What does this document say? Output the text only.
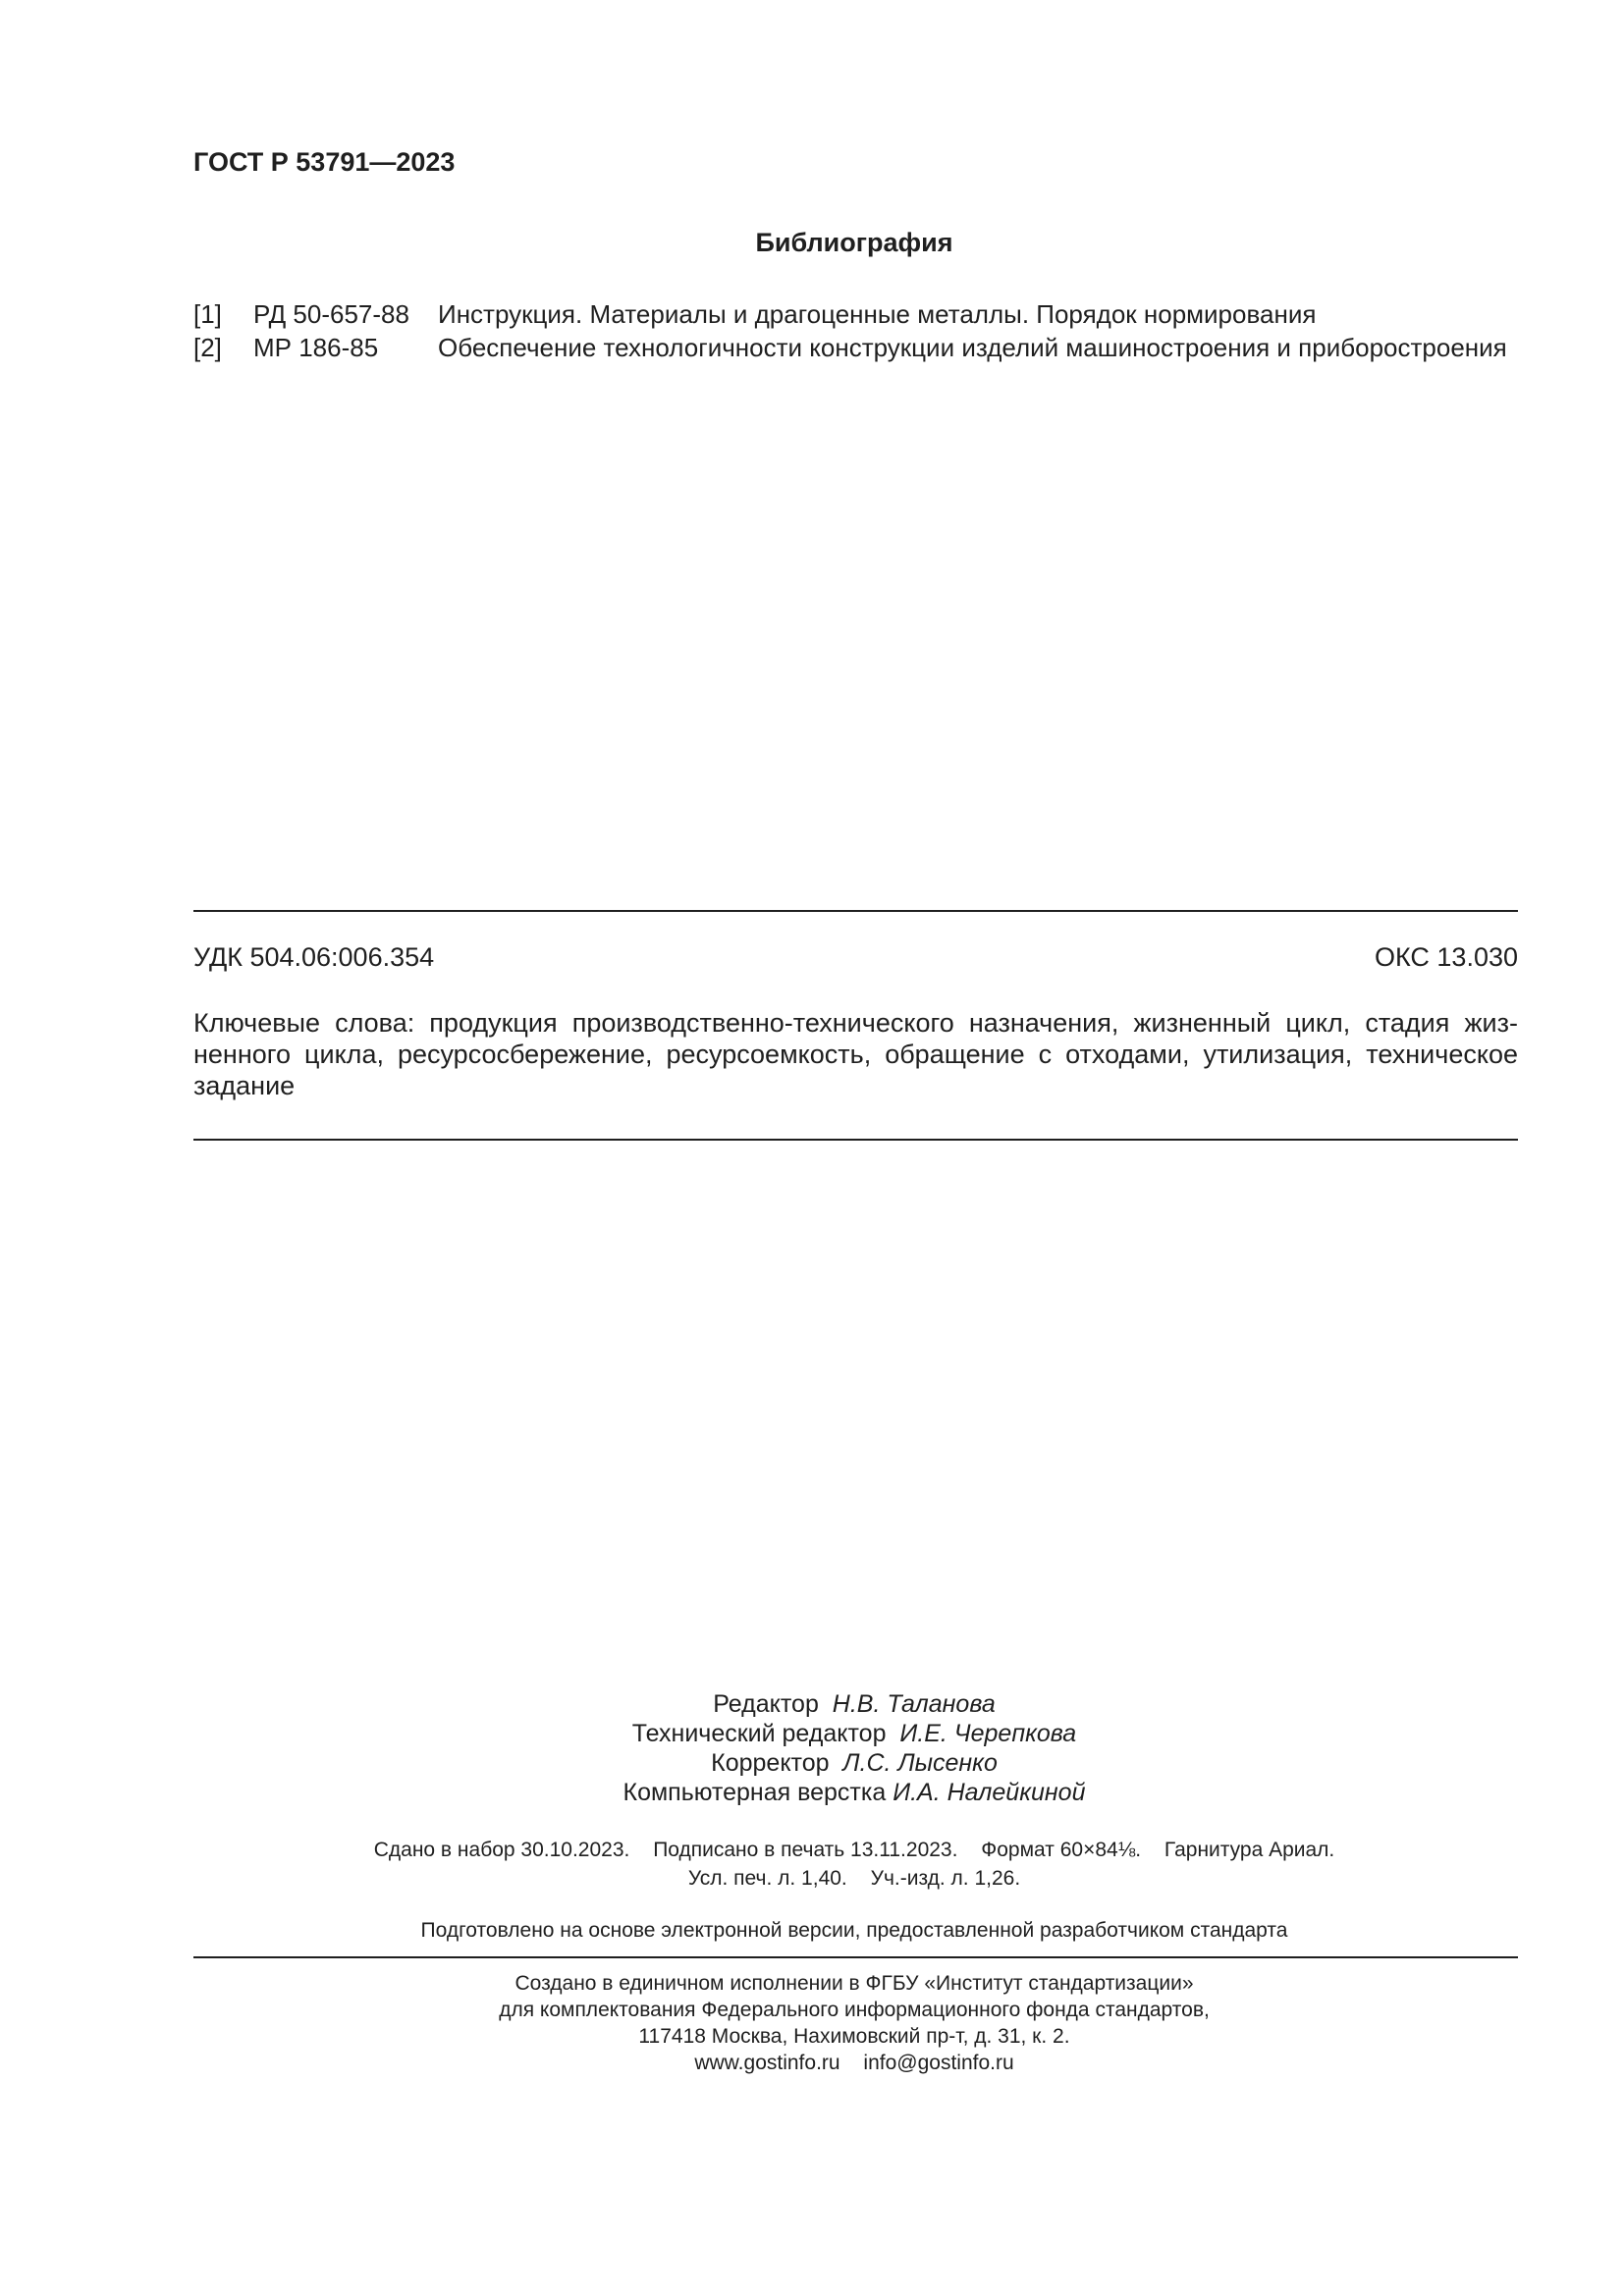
ГОСТ Р 53791—2023
Библиография
[1] РД 50-657-88 Инструкция. Материалы и драгоценные металлы. Порядок нормирования
[2] МР 186-85 Обеспечение технологичности конструкции изделий машиностроения и приборостроения
УДК 504.06:006.354	ОКС 13.030
Ключевые слова: продукция производственно-технического назначения, жизненный цикл, стадия жизненного цикла, ресурсосбережение, ресурсоемкость, обращение с отходами, утилизация, техническое задание
Редактор Н.В. Таланова
Технический редактор И.Е. Черепкова
Корректор Л.С. Лысенко
Компьютерная верстка И.А. Налейкиной
Сдано в набор 30.10.2023. Подписано в печать 13.11.2023. Формат 60×84⅛. Гарнитура Ариал.
Усл. печ. л. 1,40. Уч.-изд. л. 1,26.
Подготовлено на основе электронной версии, предоставленной разработчиком стандарта
Создано в единичном исполнении в ФГБУ «Институт стандартизации»
для комплектования Федерального информационного фонда стандартов,
117418 Москва, Нахимовский пр-т, д. 31, к. 2.
www.gostinfo.ru info@gostinfo.ru
